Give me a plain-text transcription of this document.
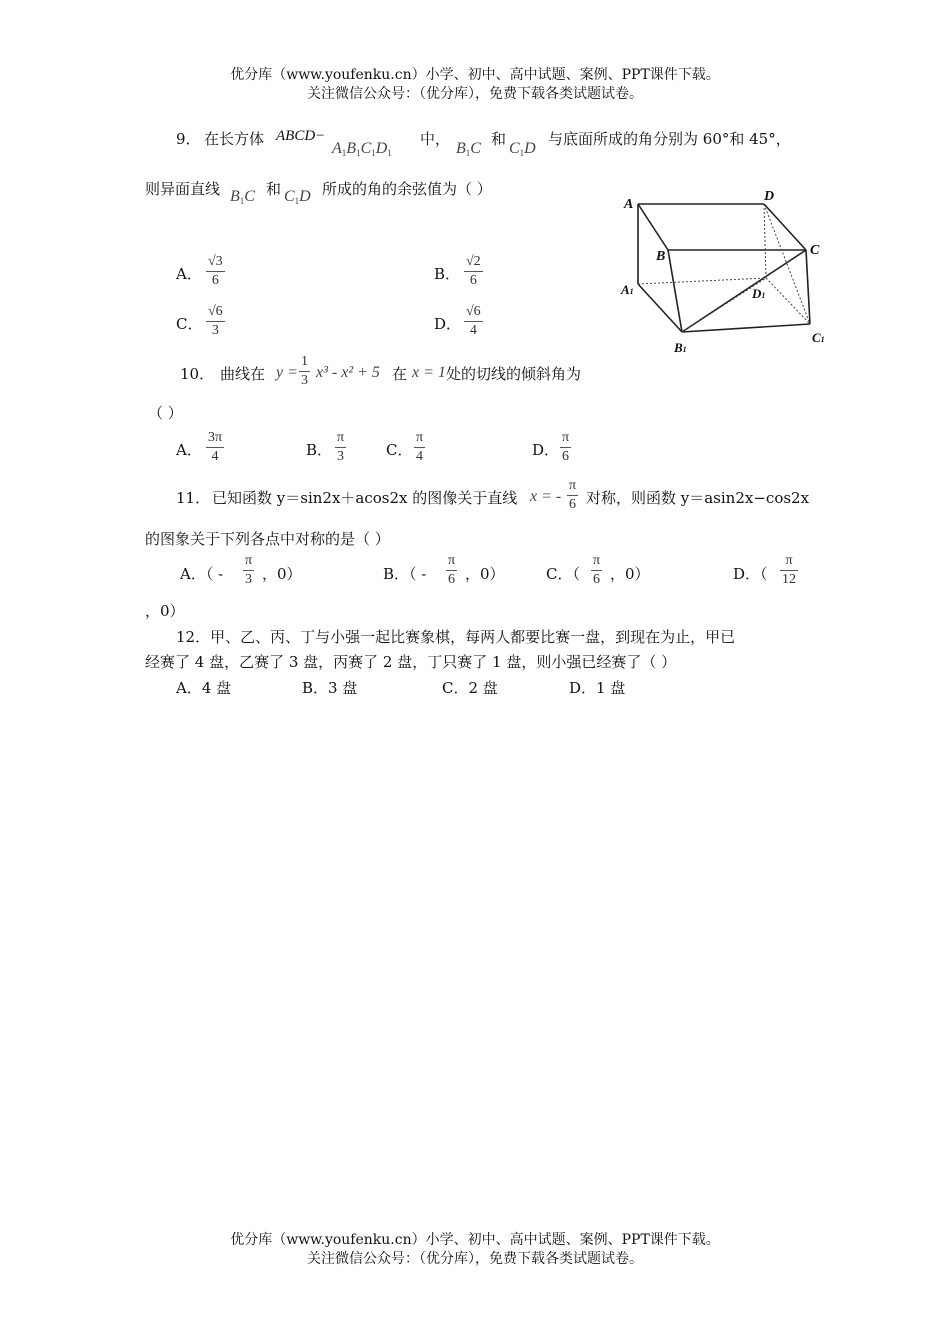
优分库（www.youfenku.cn）小学、初中、高中试题、案例、PPT课件下载。
关注微信公众号：（优分库），免费下载各类试题试卷。
9． 在长方体 ABCD−
$A_1B_1C_1D_1$
中，
$B_1C$
和
$C_1D$
与底面所成的角分别为 60°和 45°，
则异面直线 $B_1C$ 和 $C_1D$ 所成的角的余弦值为（ ）
A．
√3
6	B．
√2
6
C．
√6
3	D．
√6
4
A
B	C
D
A1
B1
C1
D1
10． 曲线在 y =
1
3 x³ - x² + 5 在 x = 1 处的切线的倾斜角为
（ ）
A．
3π
4	B．
π
3	C．
π
4	D．
π
6
11． 已知函数 y＝sin2x＋acos2x 的图像关于直线 x = -
π
6 对称，则函数 y＝asin2x−cos2x
的图象关于下列各点中对称的是（ ）
A．（ -
π
3 ，0）	B．（ -
π
6 ，0）	C．（
π
6 ，0）	D．（
π
12
，0）
12．甲、乙、丙、丁与小强一起比赛象棋，每两人都要比赛一盘，到现在为止，甲已
经赛了 4 盘，乙赛了 3 盘，丙赛了 2 盘，丁只赛了 1 盘，则小强已经赛了（ ）
A．4 盘	B．3 盘	C．2 盘	D．1 盘
优分库（www.youfenku.cn）小学、初中、高中试题、案例、PPT课件下载。
关注微信公众号：（优分库），免费下载各类试题试卷。
